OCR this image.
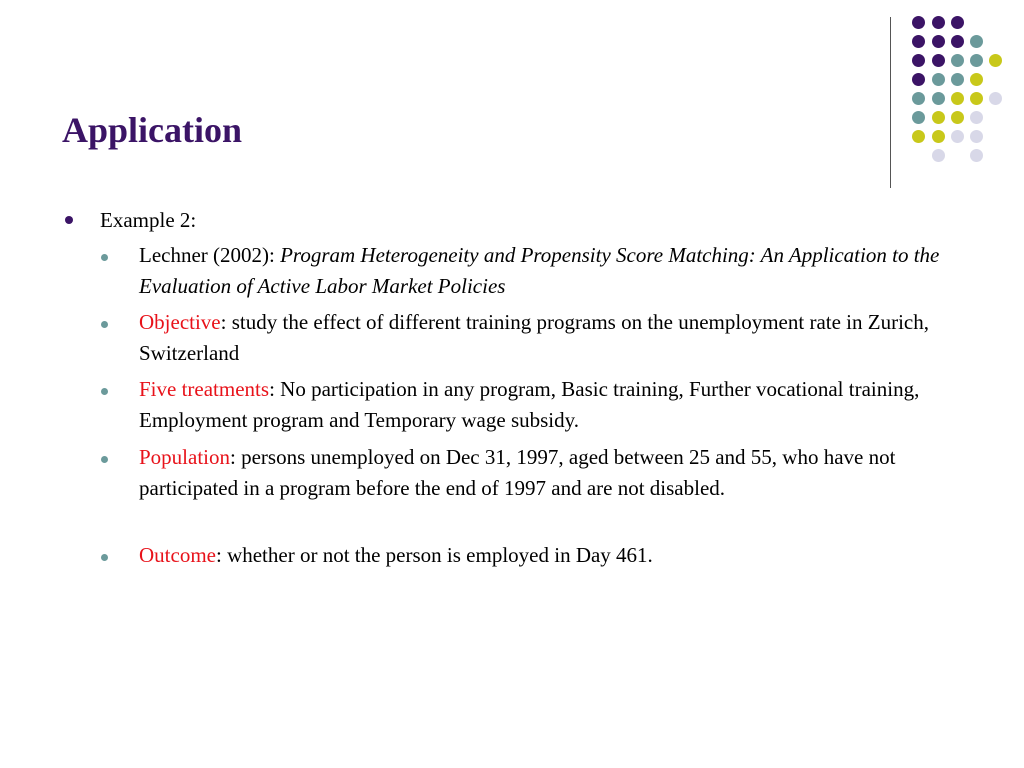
Application
Example 2:
Lechner (2002): Program Heterogeneity and Propensity Score Matching: An Application to the Evaluation of Active Labor Market Policies
Objective: study the effect of different training programs on the unemployment rate in Zurich, Switzerland
Five treatments: No participation in any program, Basic training, Further vocational training, Employment program and Temporary wage subsidy.
Population: persons unemployed on Dec 31, 1997, aged between 25 and 55, who have not participated in a program before the end of 1997 and are not disabled.
Outcome: whether or not the person is employed in Day 461.
